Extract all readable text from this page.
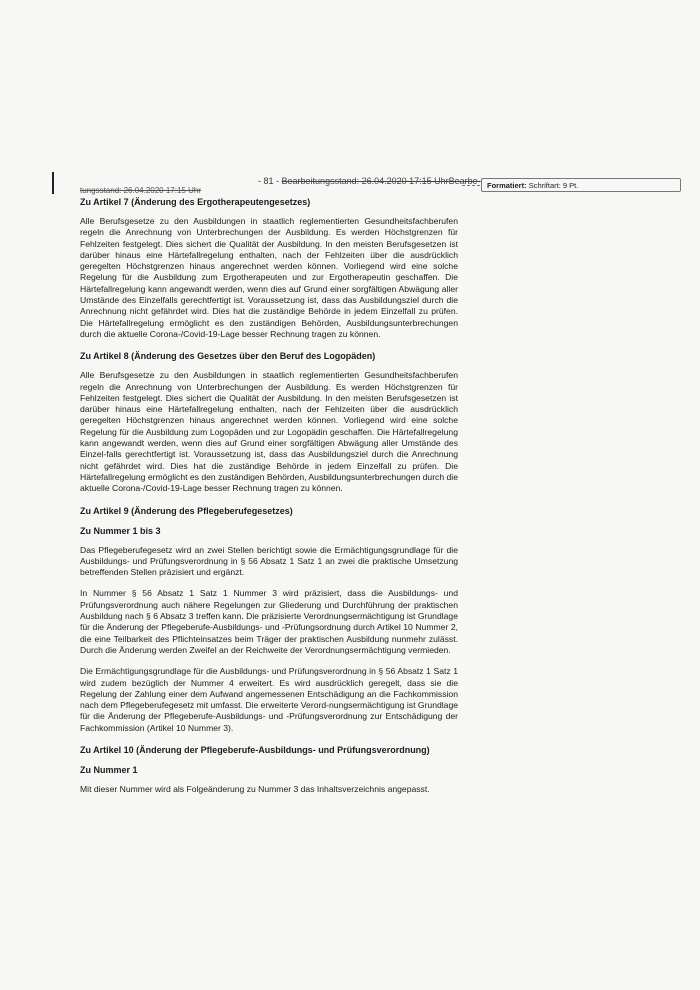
tungsstand: 26.04.2020 17:15 Uhr
- 81 - Bearbeitungsstand: 26.04.2020 17:15 UhrBearbe- Formatiert: Schriftart: 9 Pt.
Zu Artikel 7 (Änderung des Ergotherapeutengesetzes)

Alle Berufsgesetze zu den Ausbildungen in staatlich reglementierten Gesundheitsfachberufen regeln die Anrechnung von Unterbrechungen der Ausbildung. Es werden Höchstgrenzen für Fehlzeiten festgelegt. Dies sichert die Qualität der Ausbildung. In den meisten Berufsgesetzen ist darüber hinaus eine Härtefallregelung enthalten, nach der Fehlzeiten über die ausdrücklich geregelten Höchstgrenzen hinaus angerechnet werden können. Vorliegend wird eine solche Regelung für die Ausbildung zum Ergotherapeuten und zur Ergotherapeutin geschaffen. Die Härtefallregelung kann angewandt werden, wenn dies auf Grund einer sorgfältigen Abwägung aller Umstände des Einzelfalls gerechtfertigt ist. Voraussetzung ist, dass das Ausbildungsziel durch die Anrechnung nicht gefährdet wird. Dies hat die zuständige Behörde in jedem Einzelfall zu prüfen. Die Härtefallregelung ermöglicht es den zuständigen Behörden, Ausbildungsunterbrechungen durch die aktuelle Corona-/Covid-19-Lage besser Rechnung tragen zu können.

Zu Artikel 8 (Änderung des Gesetzes über den Beruf des Logopäden)

Alle Berufsgesetze zu den Ausbildungen in staatlich reglementierten Gesundheitsfachberufen regeln die Anrechnung von Unterbrechungen der Ausbildung. Es werden Höchstgrenzen für Fehlzeiten festgelegt. Dies sichert die Qualität der Ausbildung. In den meisten Berufsgesetzen ist darüber hinaus eine Härtefallregelung enthalten, nach der Fehlzeiten über die ausdrücklich geregelten Höchstgrenzen hinaus angerechnet werden können. Vorliegend wird eine solche Regelung für die Ausbildung zum Logopäden und zur Logopädin geschaffen. Die Härtefallregelung kann angewandt werden, wenn dies auf Grund einer sorgfältigen Abwägung aller Umstände des Einzel-falls gerechtfertigt ist. Voraussetzung ist, dass das Ausbildungsziel durch die Anrechnung nicht gefährdet wird. Dies hat die zuständige Behörde in jedem Einzelfall zu prüfen. Die Härtefallregelung ermöglicht es den zuständigen Behörden, Ausbildungsunterbrechungen durch die aktuelle Corona-/Covid-19-Lage besser Rechnung tragen zu können.

Zu Artikel 9 (Änderung des Pflegeberufegesetzes)
Zu Nummer 1 bis 3

Das Pflegeberufegesetz wird an zwei Stellen berichtigt sowie die Ermächtigungsgrundlage für die Ausbildungs- und Prüfungsverordnung in § 56 Absatz 1 Satz 1 an zwei die praktische Umsetzung betreffenden Stellen präzisiert und ergänzt.

In Nummer § 56 Absatz 1 Satz 1 Nummer 3 wird präzisiert, dass die Ausbildungs- und Prüfungsverordnung auch nähere Regelungen zur Gliederung und Durchführung der praktischen Ausbildung nach § 6 Absatz 3 treffen kann. Die präzisierte Verordnungsermächtigung ist Grundlage für die Änderung der Pflegeberufe-Ausbildungs- und -Prüfungsordnung durch Artikel 10 Nummer 2, die eine Teilbarkeit des Pflichteinsatzes beim Träger der praktischen Ausbildung nunmehr zulässt. Durch die Änderung werden Zweifel an der Reichweite der Verordnungsermächtigung vermieden.

Die Ermächtigungsgrundlage für die Ausbildungs- und Prüfungsverordnung in § 56 Absatz 1 Satz 1 wird zudem bezüglich der Nummer 4 erweitert. Es wird ausdrücklich geregelt, dass sie die Regelung der Zahlung einer dem Aufwand angemessenen Entschädigung an die Fachkommission nach dem Pflegeberufegesetz mit umfasst. Die erweiterte Verord-nungsermächtigung ist Grundlage für die Änderung der Pflegeberufe-Ausbildungs- und -Prüfungsverordnung zur Entschädigung der Fachkommission (Artikel 10 Nummer 3).

Zu Artikel 10 (Änderung der Pflegeberufe-Ausbildungs- und Prüfungsverordnung)
Zu Nummer 1

Mit dieser Nummer wird als Folgeänderung zu Nummer 3 das Inhaltsverzeichnis angepasst.
